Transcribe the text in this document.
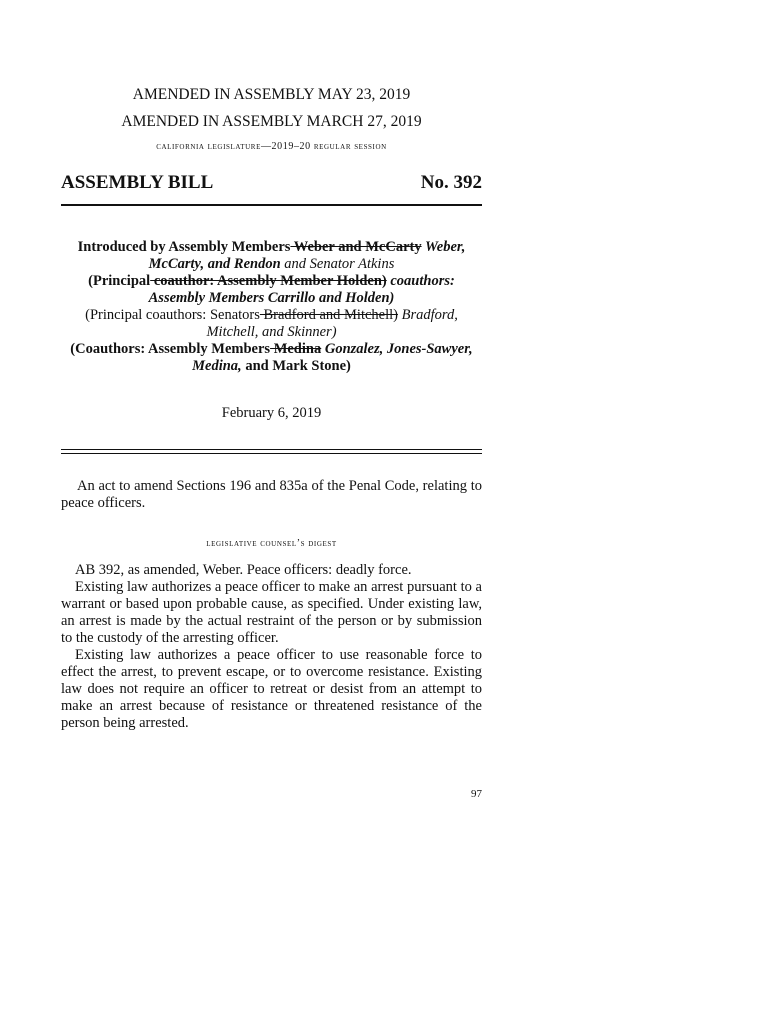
AMENDED IN ASSEMBLY MAY 23, 2019
AMENDED IN ASSEMBLY MARCH 27, 2019
california legislature—2019–20 regular session
ASSEMBLY BILL	No. 392
Introduced by Assembly Members Weber and McCarty Weber,
McCarty, and Rendon and Senator Atkins
(Principal coauthor: Assembly Member Holden) coauthors:
Assembly Members Carrillo and Holden)
(Principal coauthors: Senators Bradford and Mitchell) Bradford,
Mitchell, and Skinner)
(Coauthors: Assembly Members Medina Gonzalez, Jones-Sawyer,
Medina, and Mark Stone)
February 6, 2019
An act to amend Sections 196 and 835a of the Penal Code, relating to peace officers.
legislative counsel’s digest

AB 392, as amended, Weber. Peace officers: deadly force.

Existing law authorizes a peace officer to make an arrest pursuant to a warrant or based upon probable cause, as specified. Under existing law, an arrest is made by the actual restraint of the person or by submission to the custody of the arresting officer.

Existing law authorizes a peace officer to use reasonable force to effect the arrest, to prevent escape, or to overcome resistance. Existing law does not require an officer to retreat or desist from an attempt to make an arrest because of resistance or threatened resistance of the person being arrested.

97
